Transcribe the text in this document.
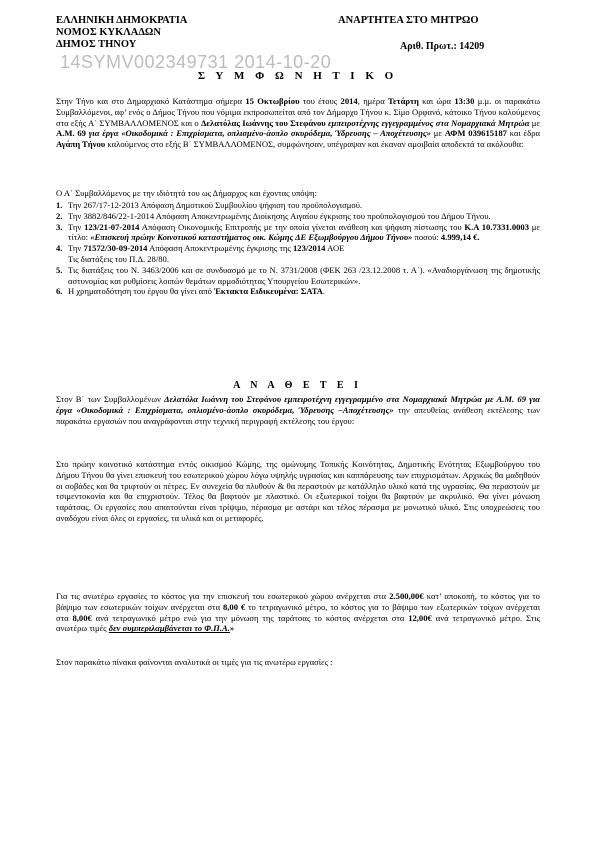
ΕΛΛΗΝΙΚΗ ΔΗΜΟΚΡΑΤΙΑ
ΝΟΜΟΣ ΚΥΚΛΑΔΩΝ
ΔΗΜΟΣ ΤΗΝΟΥ
ΑΝΑΡΤΗΤΕΑ ΣΤΟ ΜΗΤΡΩΟ
Αριθ. Πρωτ.: 14209
14SYMV002349731 2014-10-20
Σ Υ Μ Φ Ω Ν Η Τ Ι Κ Ο

Στην Τήνο και στο Δημαρχιακό Κατάστημα σήμερα 15 Οκτωβρίου του έτους 2014, ημέρα Τετάρτη και ώρα 13:30 μ.μ. οι παρακάτω Συμβαλλόμενοι, αφ’ ενός ο Δήμος Τήνου που νόμιμα εκπροσωπείται από τον Δήμαρχο Τήνου κ. Σίμο Ορφανό, κάτοικο Τήνου καλούμενος στα εξής Α΄ ΣΥΜΒΑΛΛΟΜΕΝΟΣ και ο Δελατόλας Ιωάννης του Στεφάνου εμπειροτέχνης εγγεγραμμένος στα Νομαρχιακά Μητρώα με Α.Μ. 69 για έργα «Οικοδομικά : Επιχρίσματα, οπλισμένο-άοπλο σκυρόδεμα, Ύδρευσης – Αποχέτευσης» με ΑΦΜ 039615187 και έδρα Αγάπη Τήνου καλούμενος στο εξής Β΄ ΣΥΜΒΑΛΛΟΜΕΝΟΣ, συμφώνησαν, υπέγραψαν και έκαναν αμοιβαία αποδεκτά τα ακόλουθα:

Ο Α΄ Συμβαλλόμενος με την ιδιότητά του ως Δήμαρχος και έχοντας υπόψη:

1. Την 267/17-12-2013 Απόφαση Δημοτικού Συμβουλίου ψήφιση του προϋπολογισμού.
2. Την 3882/846/22-1-2014 Απόφαση Αποκεντρωμένης Διοίκησης Αιγαίου έγκρισης του προϋπολογισμού του Δήμου Τήνου.
3. Την 123/21-07-2014 Απόφαση Οικονομικής Επιτροπής με την οποία γίνεται ανάθεση και ψήφιση πίστωσης του Κ.Α 10.7331.0003 με τίτλο: «Επισκευή πρώην Κοινοτικού καταστήματος οικ. Κώμης ΔΕ Εξωμβούργου Δήμου Τήνου» ποσού: 4.999,14 €.
4. Την 71572/30-09-2014 Απόφαση Αποκεντρωμένης έγκρισης της 123/2014 ΑΟΕ
Τις διατάξεις του Π.Δ. 28/80.
5. Τις διατάξεις του Ν. 3463/2006 και σε συνδυασμό με το Ν. 3731/2008 (ΦΕΚ 263 /23.12.2008 τ. Α΄). «Αναδιοργάνωση της δημοτικής αστυνομίας και ρυθμίσεις λοιπών θεμάτων αρμοδιότητας Υπουργείου Εσωτερικών».
6. Η χρηματοδότηση του έργου θα γίνει από Έκτακτα Ειδικευμένα: ΣΑΤΑ.
Α Ν Α Θ Ε Τ Ε Ι

Στον Β΄ των Συμβαλλομένων Δελατόλα Ιωάννη του Στεφάνου εμπειροτέχνη εγγεγραμμένο στα Νομαρχιακά Μητρώα με Α.Μ. 69 για έργα «Οικοδομικά : Επιχρίσματα, οπλισμένο-άοπλο σκυρόδεμα, Ύδρευσης –Αποχέτευσης» την απευθείας ανάθεση εκτέλεσης των παρακάτω εργασιών που αναγράφονται στην τεχνική περιγραφή εκτέλεσης του έργου:

Στο πρώην κοινοτικό κατάστημα εντός οικισμού Κώμης, της ομώνυμης Τοπικής Κοινότητας, Δημοτικής Ενότητας Εξωμβούργου του Δήμου Τήνου θα γίνει επισκευή του εσωτερικού χώρου λόγω υψηλής υγρασίας και καππάρευσης των επιχρισμάτων. Αρχικώς θα μαδηθούν οι σοβάδες και θα τριφτούν οι πέτρες. Εν συνεχεία θα πλυθούν & θα περαστούν με κατάλληλο υλικό κατά της υγρασίας. Θα περαστούν με τσιμεντοκονία και θα επιχριστούν. Τέλος θα βαφτούν με πλαστικό. Οι εξωτερικοί τοίχοι θα βαφτούν με ακρυλικό. Θα γίνει μόνωση ταράτσας. Οι εργασίες που απαιτούνται είναι τρίψιμο, πέρασμα με αστάρι και τέλος πέρασμα με μονωτικό υλικό. Στις υποχρεώσεις του αναδόχου είναι όλες οι εργασίες, τα υλικά και οι μεταφορές.

Για τις ανωτέρω εργασίες το κόστος για την επισκευή του εσωτερικού χώρου ανέρχεται στα 2.500,00€ κατ’ αποκοπή, το κόστος για το βάψιμο των εσωτερικών τοίχων ανέρχεται στα 8,00 € το τετραγωνικό μέτρο, το κόστος για το βάψιμο των εξωτερικών τοίχων ανέρχεται στα 8,00€ ανά τετραγωνικό μέτρο ενώ για την μόνωση της ταράτσας το κόστος ανέρχεται στα 12,00€ ανά τετραγωνικό μέτρο. Στις ανωτέρω τιμές δεν συμπεριλαμβάνεται το Φ.Π.Α.»

Στον παρακάτω πίνακα φαίνονται αναλυτικά οι τιμές για τις ανωτέρω εργασίες :
